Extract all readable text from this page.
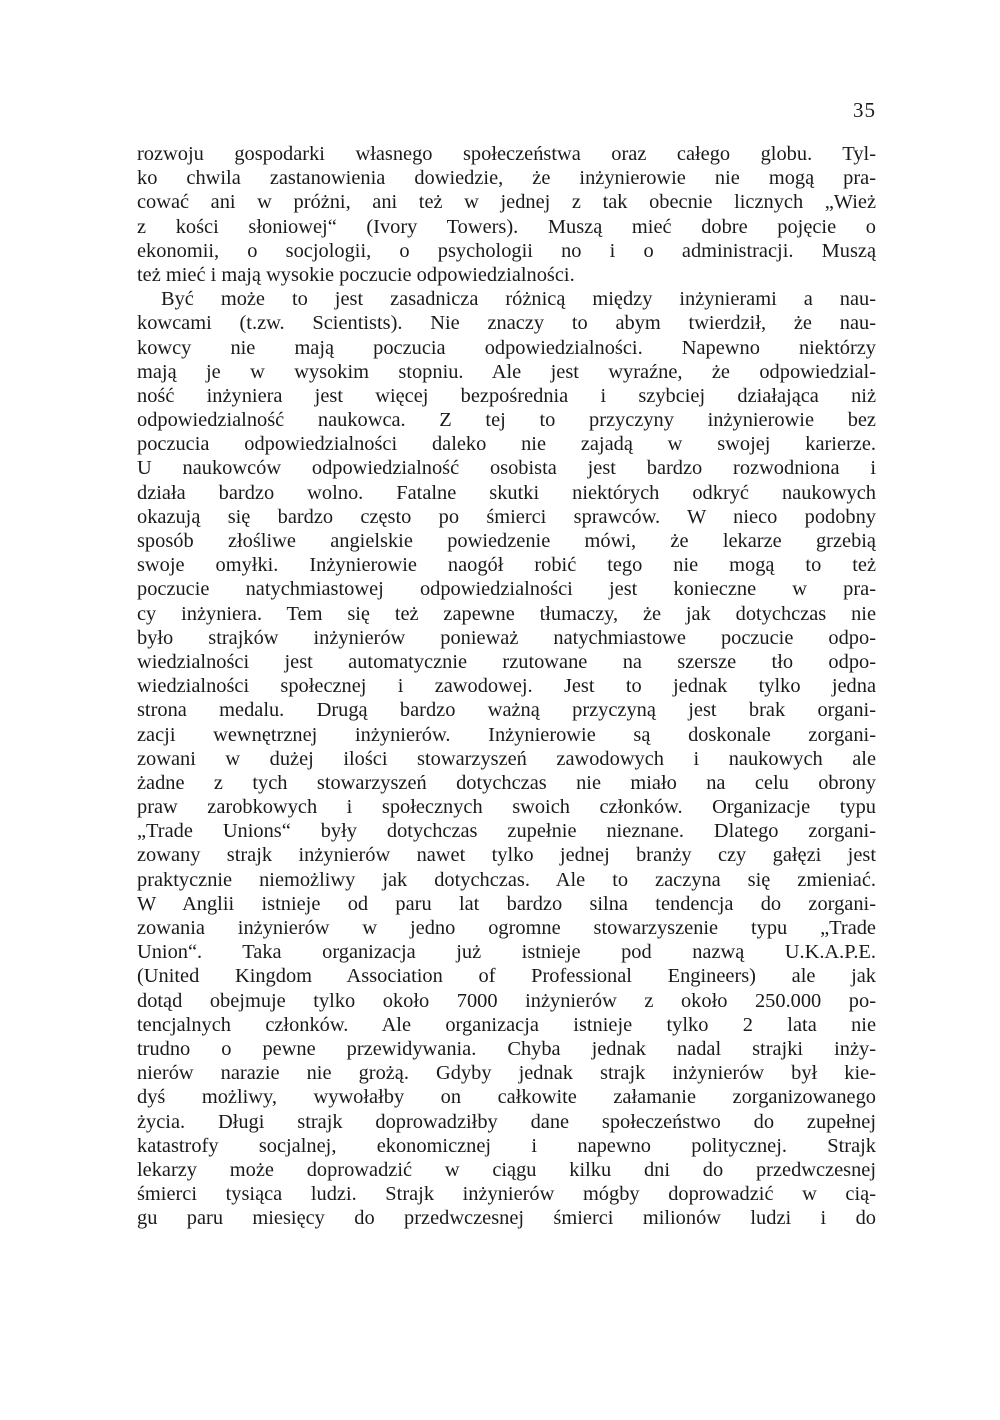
35
rozwoju gospodarki własnego społeczeństwa oraz całego globu. Tyl-
ko chwila zastanowienia dowiedzie, że inżynierowie nie mogą pra-
cować ani w próżni, ani też w jednej z tak obecnie licznych „Wież
z kości słoniowej“ (Ivory Towers). Muszą mieć dobre pojęcie o
ekonomii, o socjologii, o psychologii no i o administracji. Muszą
też mieć i mają wysokie poczucie odpowiedzialności.
Być może to jest zasadnicza różnicą między inżynierami a nau-
kowcami (t.zw. Scientists). Nie znaczy to abym twierdził, że nau-
kowcy nie mają poczucia odpowiedzialności. Napewno niektórzy
mają je w wysokim stopniu. Ale jest wyraźne, że odpowiedzial-
ność inżyniera jest więcej bezpośrednia i szybciej działająca niż
odpowiedzialność naukowca. Z tej to przyczyny inżynierowie bez
poczucia odpowiedzialności daleko nie zajadą w swojej karierze.
U naukowców odpowiedzialność osobista jest bardzo rozwodniona i
działa bardzo wolno. Fatalne skutki niektórych odkryć naukowych
okazują się bardzo często po śmierci sprawców. W nieco podobny
sposób złośliwe angielskie powiedzenie mówi, że lekarze grzebią
swoje omyłki. Inżynierowie naogół robić tego nie mogą to też
poczucie natychmiastowej odpowiedzialności jest konieczne w pra-
cy inżyniera. Tem się też zapewne tłumaczy, że jak dotychczas nie
było strajków inżynierów ponieważ natychmiastowe poczucie odpo-
wiedzialności jest automatycznie rzutowane na szersze tło odpo-
wiedzialności społecznej i zawodowej. Jest to jednak tylko jedna
strona medalu. Drugą bardzo ważną przyczyną jest brak organi-
zacji wewnętrznej inżynierów. Inżynierowie są doskonale zorgani-
zowani w dużej ilości stowarzyszeń zawodowych i naukowych ale
żadne z tych stowarzyszeń dotychczas nie miało na celu obrony
praw zarobkowych i społecznych swoich członków. Organizacje typu
„Trade Unions“ były dotychczas zupełnie nieznane. Dlatego zorgani-
zowany strajk inżynierów nawet tylko jednej branży czy gałęzi jest
praktycznie niemożliwy jak dotychczas. Ale to zaczyna się zmieniać.
W Anglii istnieje od paru lat bardzo silna tendencja do zorgani-
zowania inżynierów w jedno ogromne stowarzyszenie typu „Trade
Union“. Taka organizacja już istnieje pod nazwą U.K.A.P.E.
(United Kingdom Association of Professional Engineers) ale jak
dotąd obejmuje tylko około 7000 inżynierów z około 250.000 po-
tencjalnych członków. Ale organizacja istnieje tylko 2 lata nie
trudno o pewne przewidywania. Chyba jednak nadal strajki inży-
nierów narazie nie grożą. Gdyby jednak strajk inżynierów był kie-
dyś możliwy, wywołałby on całkowite załamanie zorganizowanego
życia. Długi strajk doprowadziłby dane społeczeństwo do zupełnej
katastrofy socjalnej, ekonomicznej i napewno politycznej. Strajk
lekarzy może doprowadzić w ciągu kilku dni do przedwczesnej
śmierci tysiąca ludzi. Strajk inżynierów mógby doprowadzić w cią-
gu paru miesięcy do przedwczesnej śmierci milionów ludzi i do
